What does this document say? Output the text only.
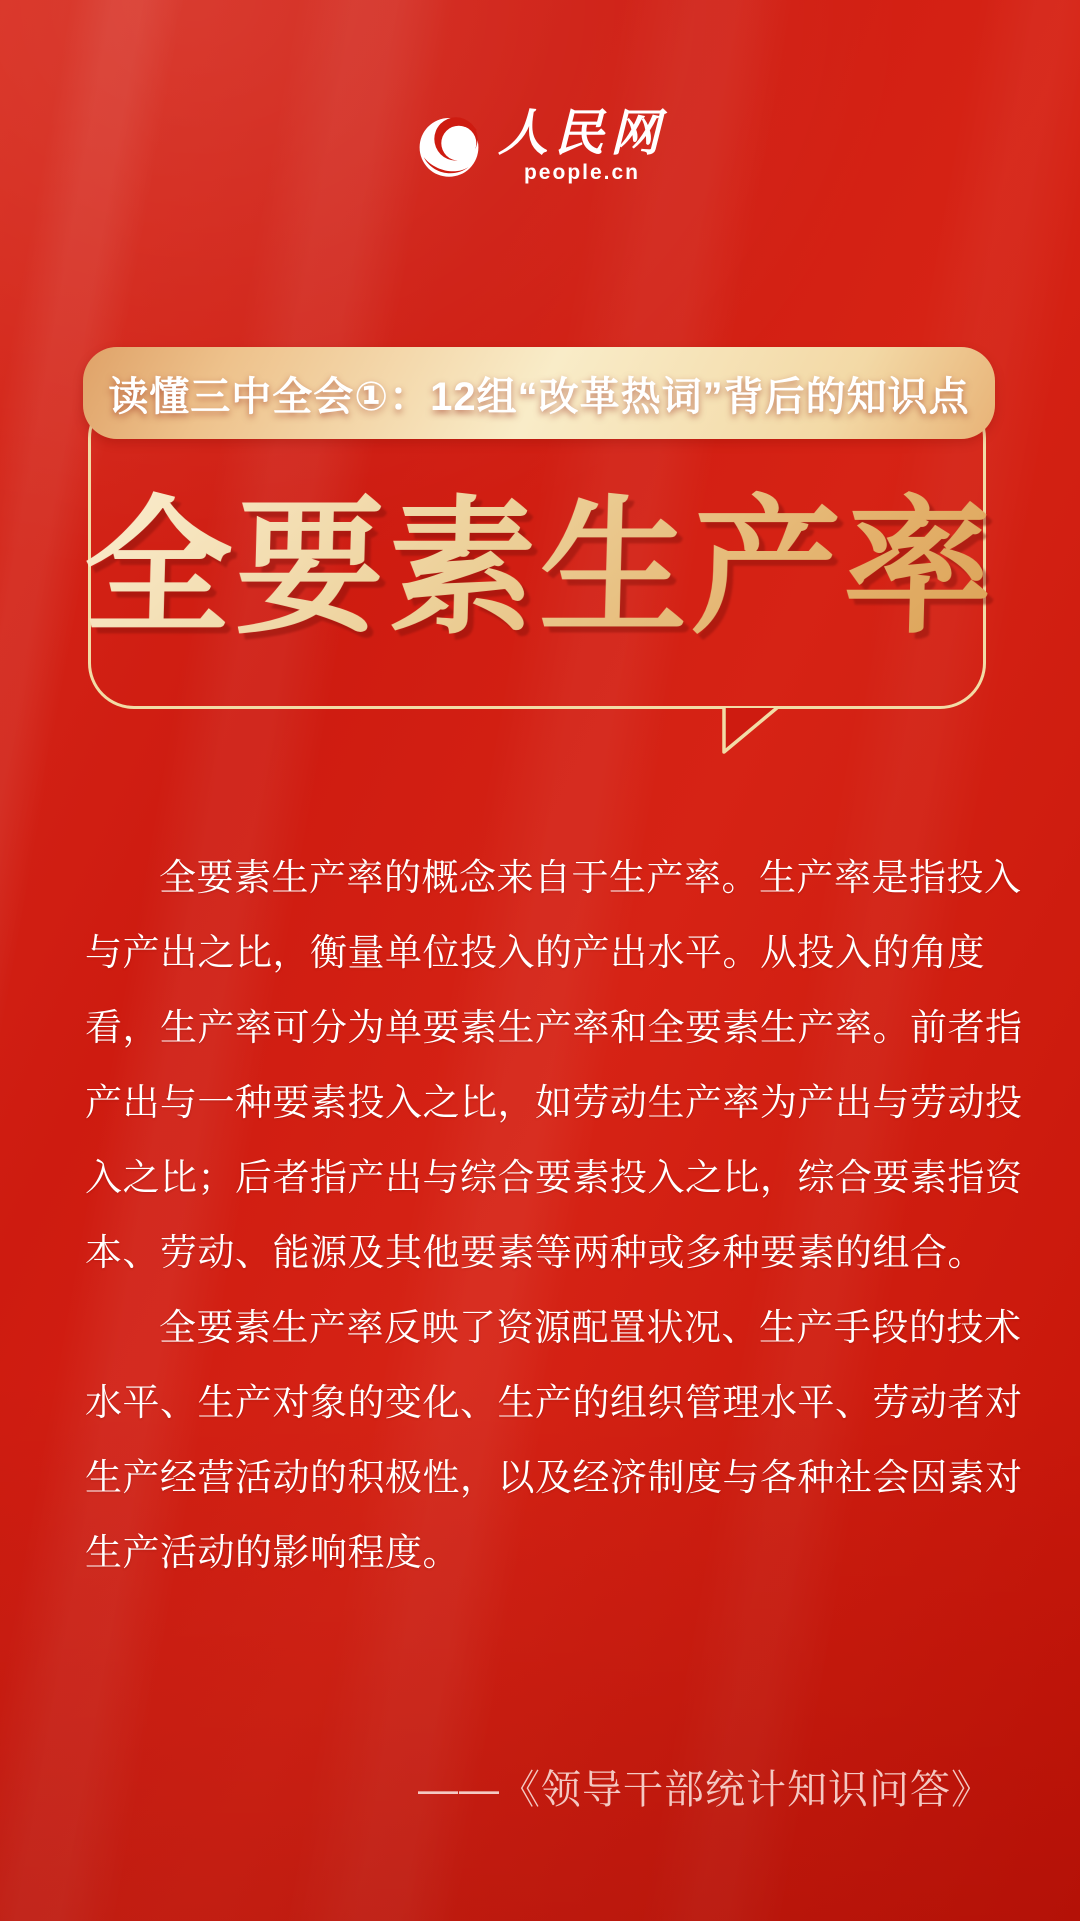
人民网
people.cn
读懂三中全会①：12组“改革热词”背后的知识点
全要素生产率
全要素生产率的概念来自于生产率。生产率是指投入
与产出之比，衡量单位投入的产出水平。从投入的角度
看，生产率可分为单要素生产率和全要素生产率。前者指
产出与一种要素投入之比，如劳动生产率为产出与劳动投
入之比；后者指产出与综合要素投入之比，综合要素指资
本、劳动、能源及其他要素等两种或多种要素的组合。
全要素生产率反映了资源配置状况、生产手段的技术
水平、生产对象的变化、生产的组织管理水平、劳动者对
生产经营活动的积极性，以及经济制度与各种社会因素对
生产活动的影响程度。
——《领导干部统计知识问答》
